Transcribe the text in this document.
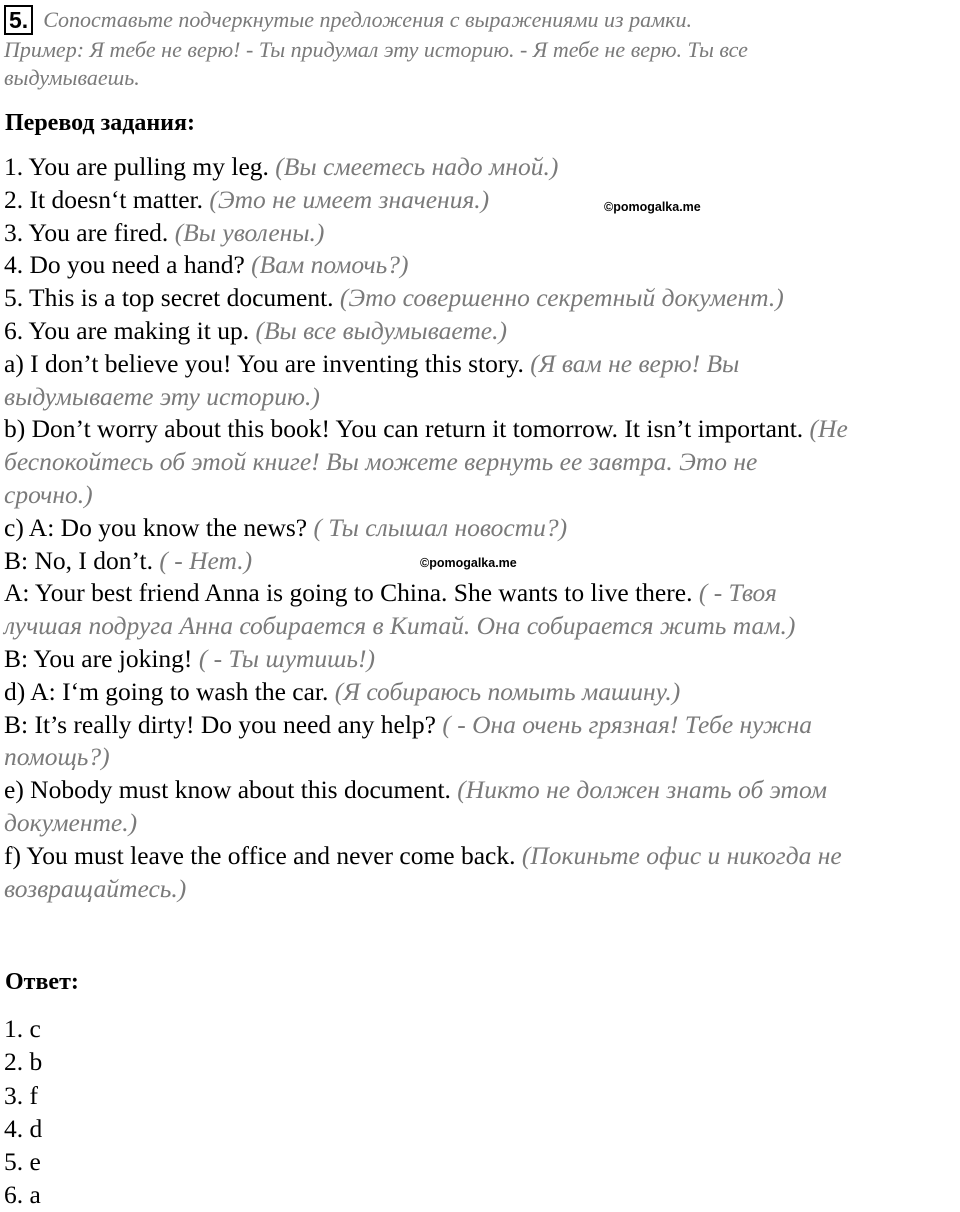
5. Сопоставьте подчеркнутые предложения с выражениями из рамки.
Пример: Я тебе не верю! - Ты придумал эту историю. - Я тебе не верю. Ты все
выдумываешь.
Перевод задания:
1. You are pulling my leg. (Вы смеетесь надо мной.)
2. It doesn‘t matter. (Это не имеет значения.)
3. You are fired. (Вы уволены.)
4. Do you need a hand? (Вам помочь?)
5. This is a top secret document. (Это совершенно секретный документ.)
6. You are making it up. (Вы все выдумываете.)
a) I don’t believe you! You are inventing this story. (Я вам не верю! Вы
выдумываете эту историю.)
b) Don’t worry about this book! You can return it tomorrow. It isn’t important. (Не
беспокойтесь об этой книге! Вы можете вернуть ее завтра. Это не
срочно.)
c) A: Do you know the news? ( Ты слышал новости?)
B: No, I don’t. ( - Нет.)
A: Your best friend Anna is going to China. She wants to live there. ( - Твоя
лучшая подруга Анна собирается в Китай. Она собирается жить там.)
B: You are joking! ( - Ты шутишь!)
d) A: I‘m going to wash the car. (Я собираюсь помыть машину.)
B: It’s really dirty! Do you need any help? ( - Она очень грязная! Тебе нужна
помощь?)
e) Nobody must know about this document. (Никто не должен знать об этом
документе.)
f) You must leave the office and never come back. (Покиньте офис и никогда не
возвращайтесь.)
©pomogalka.me
©pomogalka.me
Ответ:
1. c
2. b
3. f
4. d
5. e
6. a
